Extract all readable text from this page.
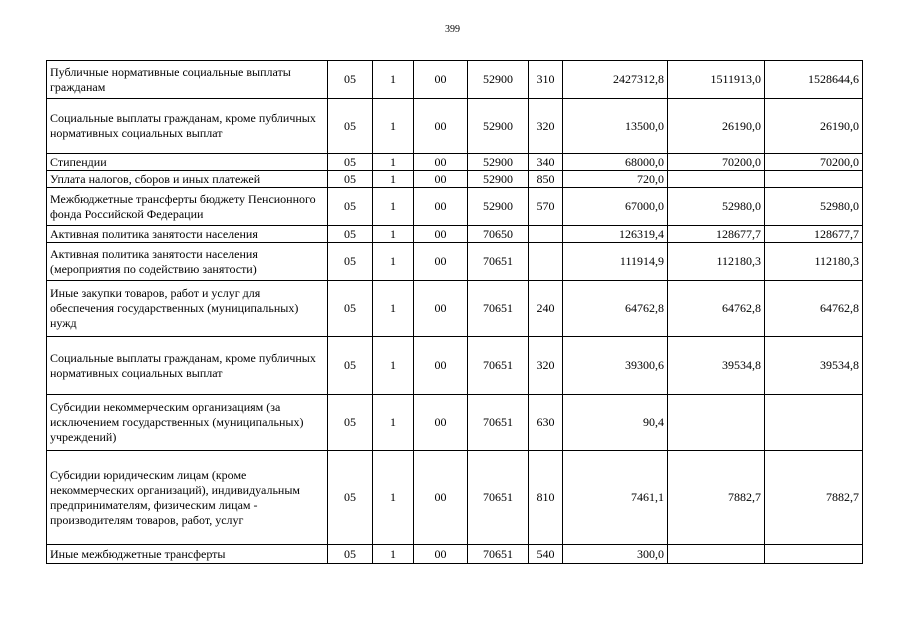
399
Публичные нормативные социальные выплаты гражданам	05	1	00	52900	310	2427312,8	1511913,0	1528644,6
Социальные выплаты гражданам, кроме публичных нормативных социальных выплат	05	1	00	52900	320	13500,0	26190,0	26190,0
Стипендии	05	1	00	52900	340	68000,0	70200,0	70200,0
Уплата налогов, сборов и иных платежей	05	1	00	52900	850	720,0		
Межбюджетные трансферты бюджету Пенсионного фонда Российской Федерации	05	1	00	52900	570	67000,0	52980,0	52980,0
Активная политика занятости населения	05	1	00	70650		126319,4	128677,7	128677,7
Активная политика занятости населения (мероприятия по содействию занятости)	05	1	00	70651		111914,9	112180,3	112180,3
Иные закупки товаров, работ и услуг для обеспечения государственных (муниципальных) нужд	05	1	00	70651	240	64762,8	64762,8	64762,8
Социальные выплаты гражданам, кроме публичных нормативных социальных выплат	05	1	00	70651	320	39300,6	39534,8	39534,8
Субсидии некоммерческим организациям (за исключением государственных (муниципальных) учреждений)	05	1	00	70651	630	90,4		
Субсидии юридическим лицам (кроме некоммерческих организаций), индивидуальным предпринимателям, физическим лицам - производителям товаров, работ, услуг	05	1	00	70651	810	7461,1	7882,7	7882,7
Иные межбюджетные трансферты	05	1	00	70651	540	300,0		
